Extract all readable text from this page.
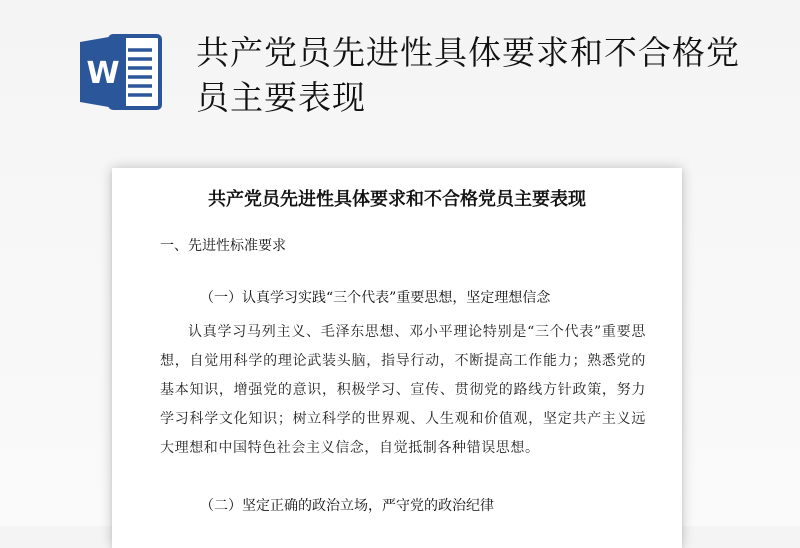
W
共产党员先进性具体要求和不合格党员主要表现
共产党员先进性具体要求和不合格党员主要表现

一、先进性标准要求

（一）认真学习实践“三个代表”重要思想，坚定理想信念

认真学习马列主义、毛泽东思想、邓小平理论特别是“三个代表”重要思想，自觉用科学的理论武装头脑，指导行动，不断提高工作能力；熟悉党的基本知识，增强党的意识，积极学习、宣传、贯彻党的路线方针政策，努力学习科学文化知识；树立科学的世界观、人生观和价值观，坚定共产主义远大理想和中国特色社会主义信念，自觉抵制各种错误思想。

（二）坚定正确的政治立场，严守党的政治纪律
